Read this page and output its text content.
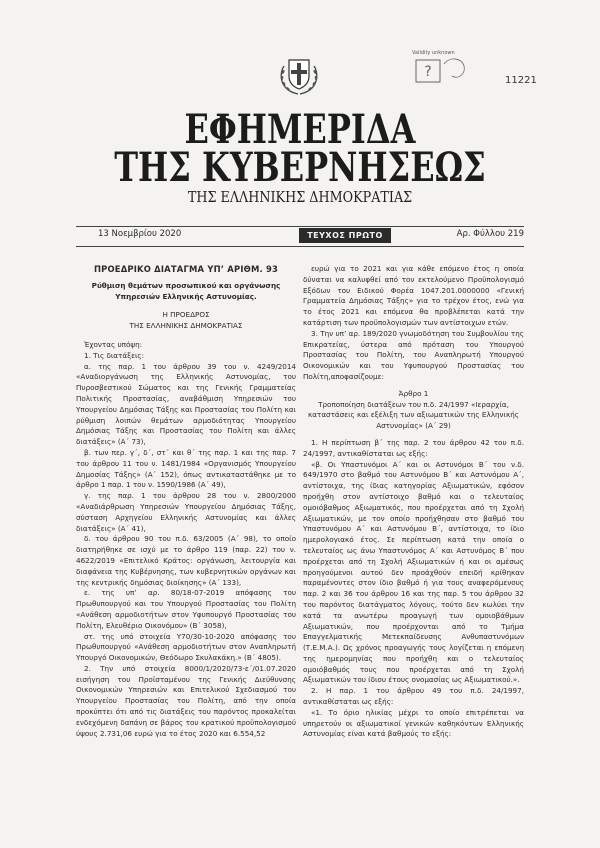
Validity unknown
?
11221
ΕΦΗΜΕΡΙΔΑ
ΤΗΣ ΚΥΒΕΡΝΗΣΕΩΣ
ΤΗΣ ΕΛΛΗΝΙΚΗΣ ΔΗΜΟΚΡΑΤΙΑΣ
13 Νοεμβρίου 2020	ΤΕΥΧΟΣ ΠΡΩΤΟ	Αρ. Φύλλου 219

ΠΡΟΕΔΡΙΚΟ ΔΙΑΤΑΓΜΑ ΥΠ’ ΑΡΙΘΜ. 93

Ρύθμιση θεμάτων προσωπικού και οργάνωσης Υπηρεσιών Ελληνικής Αστυνομίας.

Η ΠΡΟΕΔΡΟΣ
ΤΗΣ ΕΛΛΗΝΙΚΗΣ ΔΗΜΟΚΡΑΤΙΑΣ

Έχοντας υπόψη:

1. Τις διατάξεις:

α. της παρ. 1 του άρθρου 39 του ν. 4249/2014 «Αναδιοργάνωση της Ελληνικής Αστυνομίας, του Πυροσβεστικού Σώματος και της Γενικής Γραμματείας Πολιτικής Προστασίας, αναβάθμιση Υπηρεσιών του Υπουργείου Δημόσιας Τάξης και Προστασίας του Πολίτη και ρύθμιση λοιπών θεμάτων αρμοδιότητας Υπουργείου Δημόσιας Τάξης και Προστασίας του Πολίτη και άλλες διατάξεις» (Α΄ 73),

β. των περ. γ΄, δ΄, στ΄ και θ΄ της παρ. 1 και της παρ. 7 του άρθρου 11 του ν. 1481/1984 «Οργανισμός Υπουργείου Δημοσίας Τάξης» (Α΄ 152), όπως αντικαταστάθηκε με το άρθρο 1 παρ. 1 του ν. 1590/1986 (Α΄ 49),

γ. της παρ. 1 του άρθρου 28 του ν. 2800/2000 «Αναδιάρθρωση Υπηρεσιών Υπουργείου Δημόσιας Τάξης, σύσταση Αρχηγείου Ελληνικής Αστυνομίας και άλλες διατάξεις» (Α΄ 41),

δ. του άρθρου 90 του π.δ. 63/2005 (Α΄ 98), το οποίο διατηρήθηκε σε ισχύ με το άρθρο 119 (παρ. 22) του ν. 4622/2019 «Επιτελικό Κράτος: οργάνωση, λειτουργία και διαφάνεια της Κυβέρνησης, των κυβερνητικών οργάνων και της κεντρικής δημόσιας διοίκησης» (Α΄ 133),

ε. της υπ’ αρ. 80/18-07-2019 απόφασης του Πρωθυπουργού και του Υπουργού Προστασίας του Πολίτη «Ανάθεση αρμοδιοτήτων στον Υφυπουργό Προστασίας του Πολίτη, Ελευθέριο Οικονόμου» (Β΄ 3058),

στ. της υπό στοιχεία Υ70/30-10-2020 απόφασης του Πρωθυπουργού «Ανάθεση αρμοδιοτήτων στον Αναπληρωτή Υπουργό Οικονομικών, Θεόδωρο Σκυλακάκη.» (Β΄ 4805).

2. Την υπό στοιχεία 8000/1/2020/73-ε΄/01.07.2020 εισήγηση του Προϊσταμένου της Γενικής Διεύθυνσης Οικονομικών Υπηρεσιών και Επιτελικού Σχεδιασμού του Υπουργείου Προστασίας του Πολίτη, από την οποία προκύπτει ότι από τις διατάξεις του παρόντος προκαλείται ενδεχόμενη δαπάνη σε βάρος του κρατικού προϋπολογισμού ύψους 2.731,06 ευρώ για το έτος 2020 και 6.554,52

ευρώ για το 2021 και για κάθε επόμενο έτος η οποία δύναται να καλυφθεί από τον εκτελούμενο Προϋπολογισμό Εξόδων του Ειδικού Φορέα 1047.201.0000000 «Γενική Γραμματεία Δημόσιας Τάξης» για το τρέχον έτος, ενώ για το έτος 2021 και επόμενα θα προβλέπεται κατά την κατάρτιση των προϋπολογισμών των αντίστοιχων ετών.

3. Την υπ’ αρ. 189/2020 γνωμοδότηση του Συμβουλίου της Επικρατείας, ύστερα από πρόταση του Υπουργού Προστασίας του Πολίτη, του Αναπληρωτή Υπουργού Οικονομικών και του Υφυπουργού Προστασίας του Πολίτη,αποφασίζουμε:

Άρθρο 1

Τροποποίηση διατάξεων του π.δ. 24/1997 «Ιεραρχία, καταστάσεις και εξέλιξη των αξιωματικών της Ελληνικής Αστυνομίας» (Α΄ 29)

1. Η περίπτωση β΄ της παρ. 2 του άρθρου 42 του π.δ. 24/1997, αντικαθίσταται ως εξής:

«β. Οι Υπαστυνόμοι Α΄ και οι Αστυνόμοι Β΄ του ν.δ. 649/1970 στο βαθμό του Αστυνόμου Β΄ και Αστυνόμου Α΄, αντίστοιχα, της ίδιας κατηγορίας Αξιωματικών, εφόσον προήχθη στον αντίστοιχο βαθμό και ο τελευταίος ομοιόβαθμος Αξιωματικός, που προέρχεται από τη Σχολή Αξιωματικών, με τον οποίο προήχθησαν στο βαθμό του Υπαστυνόμου Α΄ και Αστυνόμου Β΄, αντίστοιχα, το ίδιο ημερολογιακό έτος. Σε περίπτωση κατά την οποία ο τελευταίος ως άνω Υπαστυνόμος Α΄ και Αστυνόμος Β΄ που προέρχεται από τη Σχολή Αξιωματικών ή και οι αμέσως προηγούμενοι αυτού δεν προάχθούν επειδή κρίθηκαν παραμένοντες στον ίδιο βαθμό ή για τους αναφερόμενους παρ. 2 και 36 του άρθρου 16 και της παρ. 5 του άρθρου 32 του παρόντος διατάγματος λόγους, τούτο δεν κωλύει την κατά τα ανωτέρω προαγωγή των ομοιοβάθμων Αξιωματικών, που προέρχονται από το Τμήμα Επαγγελματικής Μετεκπαίδευσης Ανθυπαστυνόμων (Τ.Ε.Μ.Α.). Ως χρόνος προαγωγής τους λογίζεται η επόμενη της ημερομηνίας που προήχθη και ο τελευταίος ομοιόβαθμός τους που προέρχεται από τη Σχολή Αξιωματικών του ίδιου έτους ονομασίας ως Αξιωματικού.».

2. Η παρ. 1 του άρθρου 49 του π.δ. 24/1997, αντικαθίσταται ως εξής:

«1. Το όριο ηλικίας μέχρι το οποίο επιτρέπεται να υπηρετούν οι αξιωματικοί γενικών καθηκόντων Ελληνικής Αστυνομίας είναι κατά βαθμούς το εξής:
